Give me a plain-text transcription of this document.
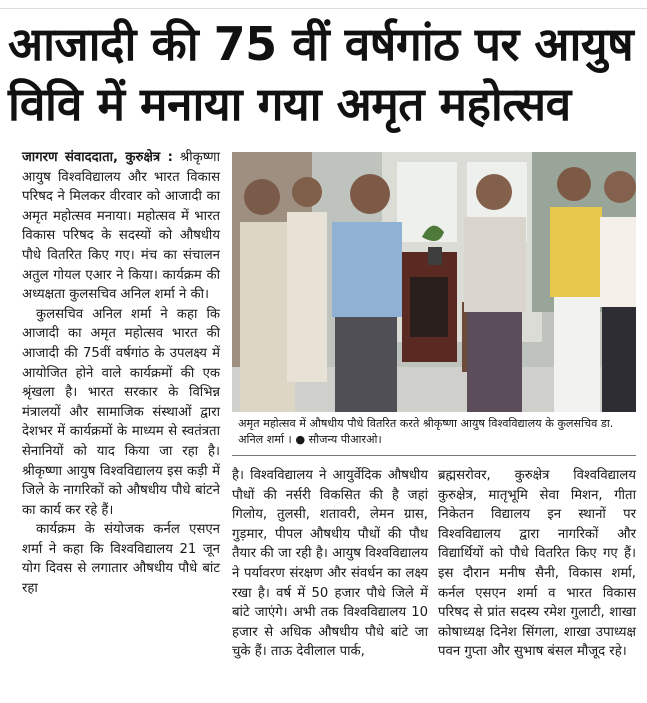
आजादी की 75 वीं वर्षगांठ पर आयुष
विवि में मनाया गया अमृत महोत्सव

जागरण संवाददाता, कुरुक्षेत्र : श्रीकृष्णा आयुष विश्वविद्यालय और भारत विकास परिषद ने मिलकर वीरवार को आजादी का अमृत महोत्सव मनाया। महोत्सव में भारत विकास परिषद के सदस्यों को औषधीय पौधे वितरित किए गए। मंच का संचालन अतुल गोयल एआर ने किया। कार्यक्रम की अध्यक्षता कुलसचिव अनिल शर्मा ने की।

कुलसचिव अनिल शर्मा ने कहा कि आजादी का अमृत महोत्सव भारत की आजादी की 75वीं वर्षगांठ के उपलक्ष्य में आयोजित होने वाले कार्यक्रमों की एक श्रृंखला है। भारत सरकार के विभिन्न मंत्रालयों और सामाजिक संस्थाओं द्वारा देशभर में कार्यक्रमों के माध्यम से स्वतंत्रता सेनानियों को याद किया जा रहा है। श्रीकृष्णा आयुष विश्वविद्यालय इस कड़ी में जिले के नागरिकों को औषधीय पौधे बांटने का कार्य कर रहे हैं।

कार्यक्रम के संयोजक कर्नल एसएन शर्मा ने कहा कि विश्वविद्यालय 21 जून योग दिवस से लगातार औषधीय पौधे बांट रहा

अमृत महोत्सव में औषधीय पौधे वितरित करते श्रीकृष्णा आयुष विश्वविद्यालय के कुलसचिव डा. अनिल शर्मा । ● सौजन्य पीआरओ।

है। विश्वविद्यालय ने आयुर्वेदिक औषधीय पौधों की नर्सरी विकसित की है जहां गिलोय, तुलसी, शतावरी, लेमन ग्रास, गुड़मार, पीपल औषधीय पौधों की पौध तैयार की जा रही है। आयुष विश्वविद्यालय ने पर्यावरण संरक्षण और संवर्धन का लक्ष्य रखा है। वर्ष में 50 हजार पौधे जिले में बांटे जाएंगे। अभी तक विश्वविद्यालय 10 हजार से अधिक औषधीय पौधे बांटे जा चुके हैं। ताऊ देवीलाल पार्क,

ब्रह्मसरोवर, कुरुक्षेत्र विश्वविद्यालय कुरुक्षेत्र, मातृभूमि सेवा मिशन, गीता निकेतन विद्यालय इन स्थानों पर विश्वविद्यालय द्वारा नागरिकों और विद्यार्थियों को पौधे वितरित किए गए हैं। इस दौरान मनीष सैनी, विकास शर्मा, कर्नल एसएन शर्मा व भारत विकास परिषद से प्रांत सदस्य रमेश गुलाटी, शाखा कोषाध्यक्ष दिनेश सिंगला, शाखा उपाध्यक्ष पवन गुप्ता और सुभाष बंसल मौजूद रहे।
